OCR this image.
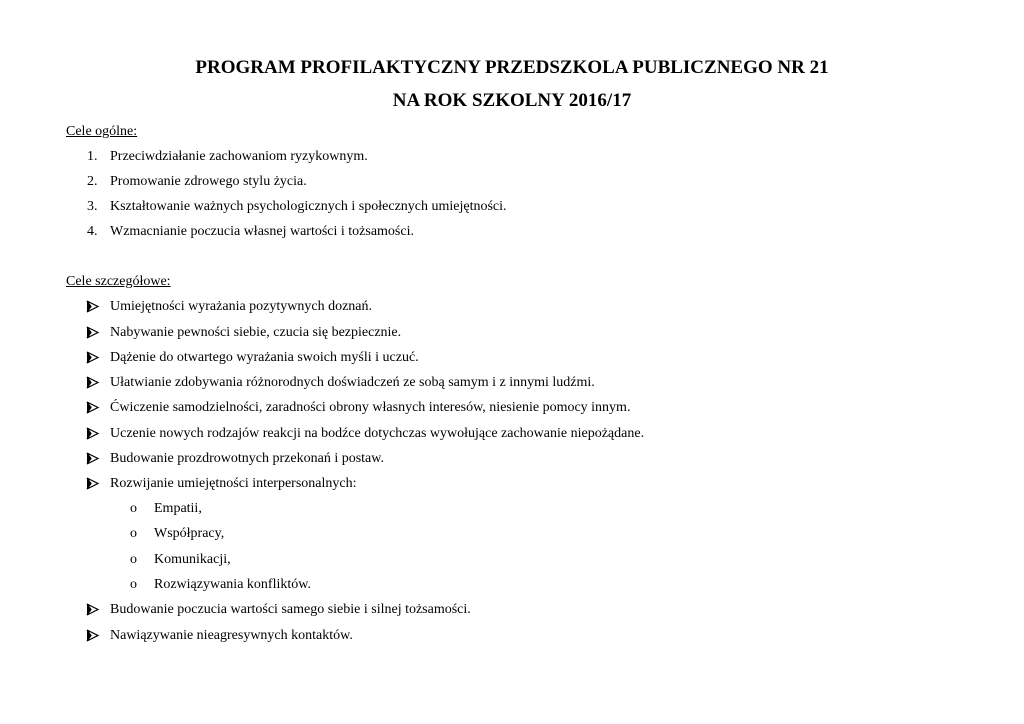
PROGRAM PROFILAKTYCZNY PRZEDSZKOLA PUBLICZNEGO NR 21
NA ROK SZKOLNY 2016/17
Cele ogólne:
1. Przeciwdziałanie zachowaniom ryzykownym.
2. Promowanie zdrowego stylu życia.
3. Kształtowanie ważnych psychologicznych i społecznych umiejętności.
4. Wzmacnianie poczucia własnej wartości i tożsamości.
Cele szczegółowe:
Umiejętności wyrażania pozytywnych doznań.
Nabywanie pewności siebie, czucia się bezpiecznie.
Dążenie do otwartego wyrażania swoich myśli i uczuć.
Ułatwianie zdobywania różnorodnych doświadczeń ze sobą samym i z innymi ludźmi.
Ćwiczenie samodzielności, zaradności obrony własnych interesów, niesienie pomocy innym.
Uczenie nowych rodzajów reakcji na bodźce dotychczas wywołujące zachowanie niepożądane.
Budowanie prozdrowotnych przekonań i postaw.
Rozwijanie umiejętności interpersonalnych:
o Empatii,
o Współpracy,
o Komunikacji,
o Rozwiązywania konfliktów.
Budowanie poczucia wartości samego siebie i silnej tożsamości.
Nawiązywanie nieagresywnych kontaktów.
